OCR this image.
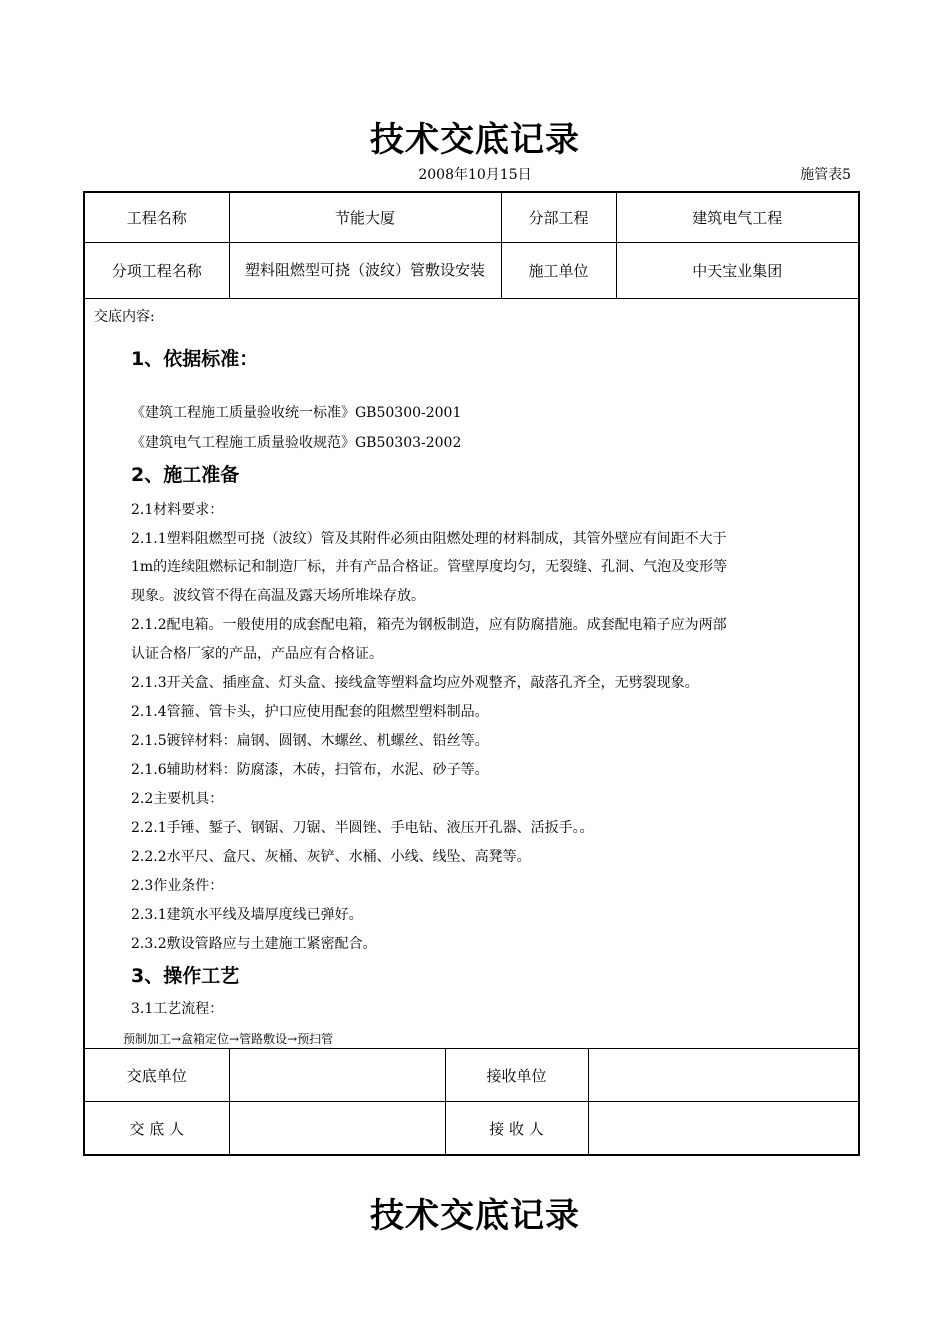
技术交底记录
2008年10月15日	施管表5
工程名称	节能大厦	分部工程	建筑电气工程
分项工程名称	塑料阻燃型可挠（波纹）管敷设安装	施工单位	中天宝业集团
交底内容:
1、依据标准：
《建筑工程施工质量验收统一标准》GB50300-2001
《建筑电气工程施工质量验收规范》GB50303-2002
2、施工准备
2.1材料要求：
2.1.1塑料阻燃型可挠（波纹）管及其附件必须由阻燃处理的材料制成，其管外壁应有间距不大于
1m的连续阻燃标记和制造厂标，并有产品合格证。管壁厚度均匀，无裂缝、孔洞、气泡及变形等
现象。波纹管不得在高温及露天场所堆垛存放。
2.1.2配电箱。一般使用的成套配电箱，箱壳为钢板制造，应有防腐措施。成套配电箱子应为两部
认证合格厂家的产品，产品应有合格证。
2.1.3开关盒、插座盒、灯头盒、接线盒等塑料盒均应外观整齐，敲落孔齐全，无劈裂现象。
2.1.4管箍、管卡头，护口应使用配套的阻燃型塑料制品。
2.1.5镀锌材料：扁钢、圆钢、木螺丝、机螺丝、铅丝等。
2.1.6辅助材料：防腐漆，木砖，扫管布，水泥、砂子等。
2.2主要机具：
2.2.1手锤、錾子、钢锯、刀锯、半圆锉、手电钻、液压开孔器、活扳手。。
2.2.2水平尺、盒尺、灰桶、灰铲、水桶、小线、线坠、高凳等。
2.3作业条件：
2.3.1建筑水平线及墙厚度线已弹好。
2.3.2敷设管路应与土建施工紧密配合。
3、操作工艺
3.1工艺流程：
预制加工→盒箱定位→管路敷设→预扫管
交底单位		接收单位	
交 底 人		接 收 人	
技术交底记录
